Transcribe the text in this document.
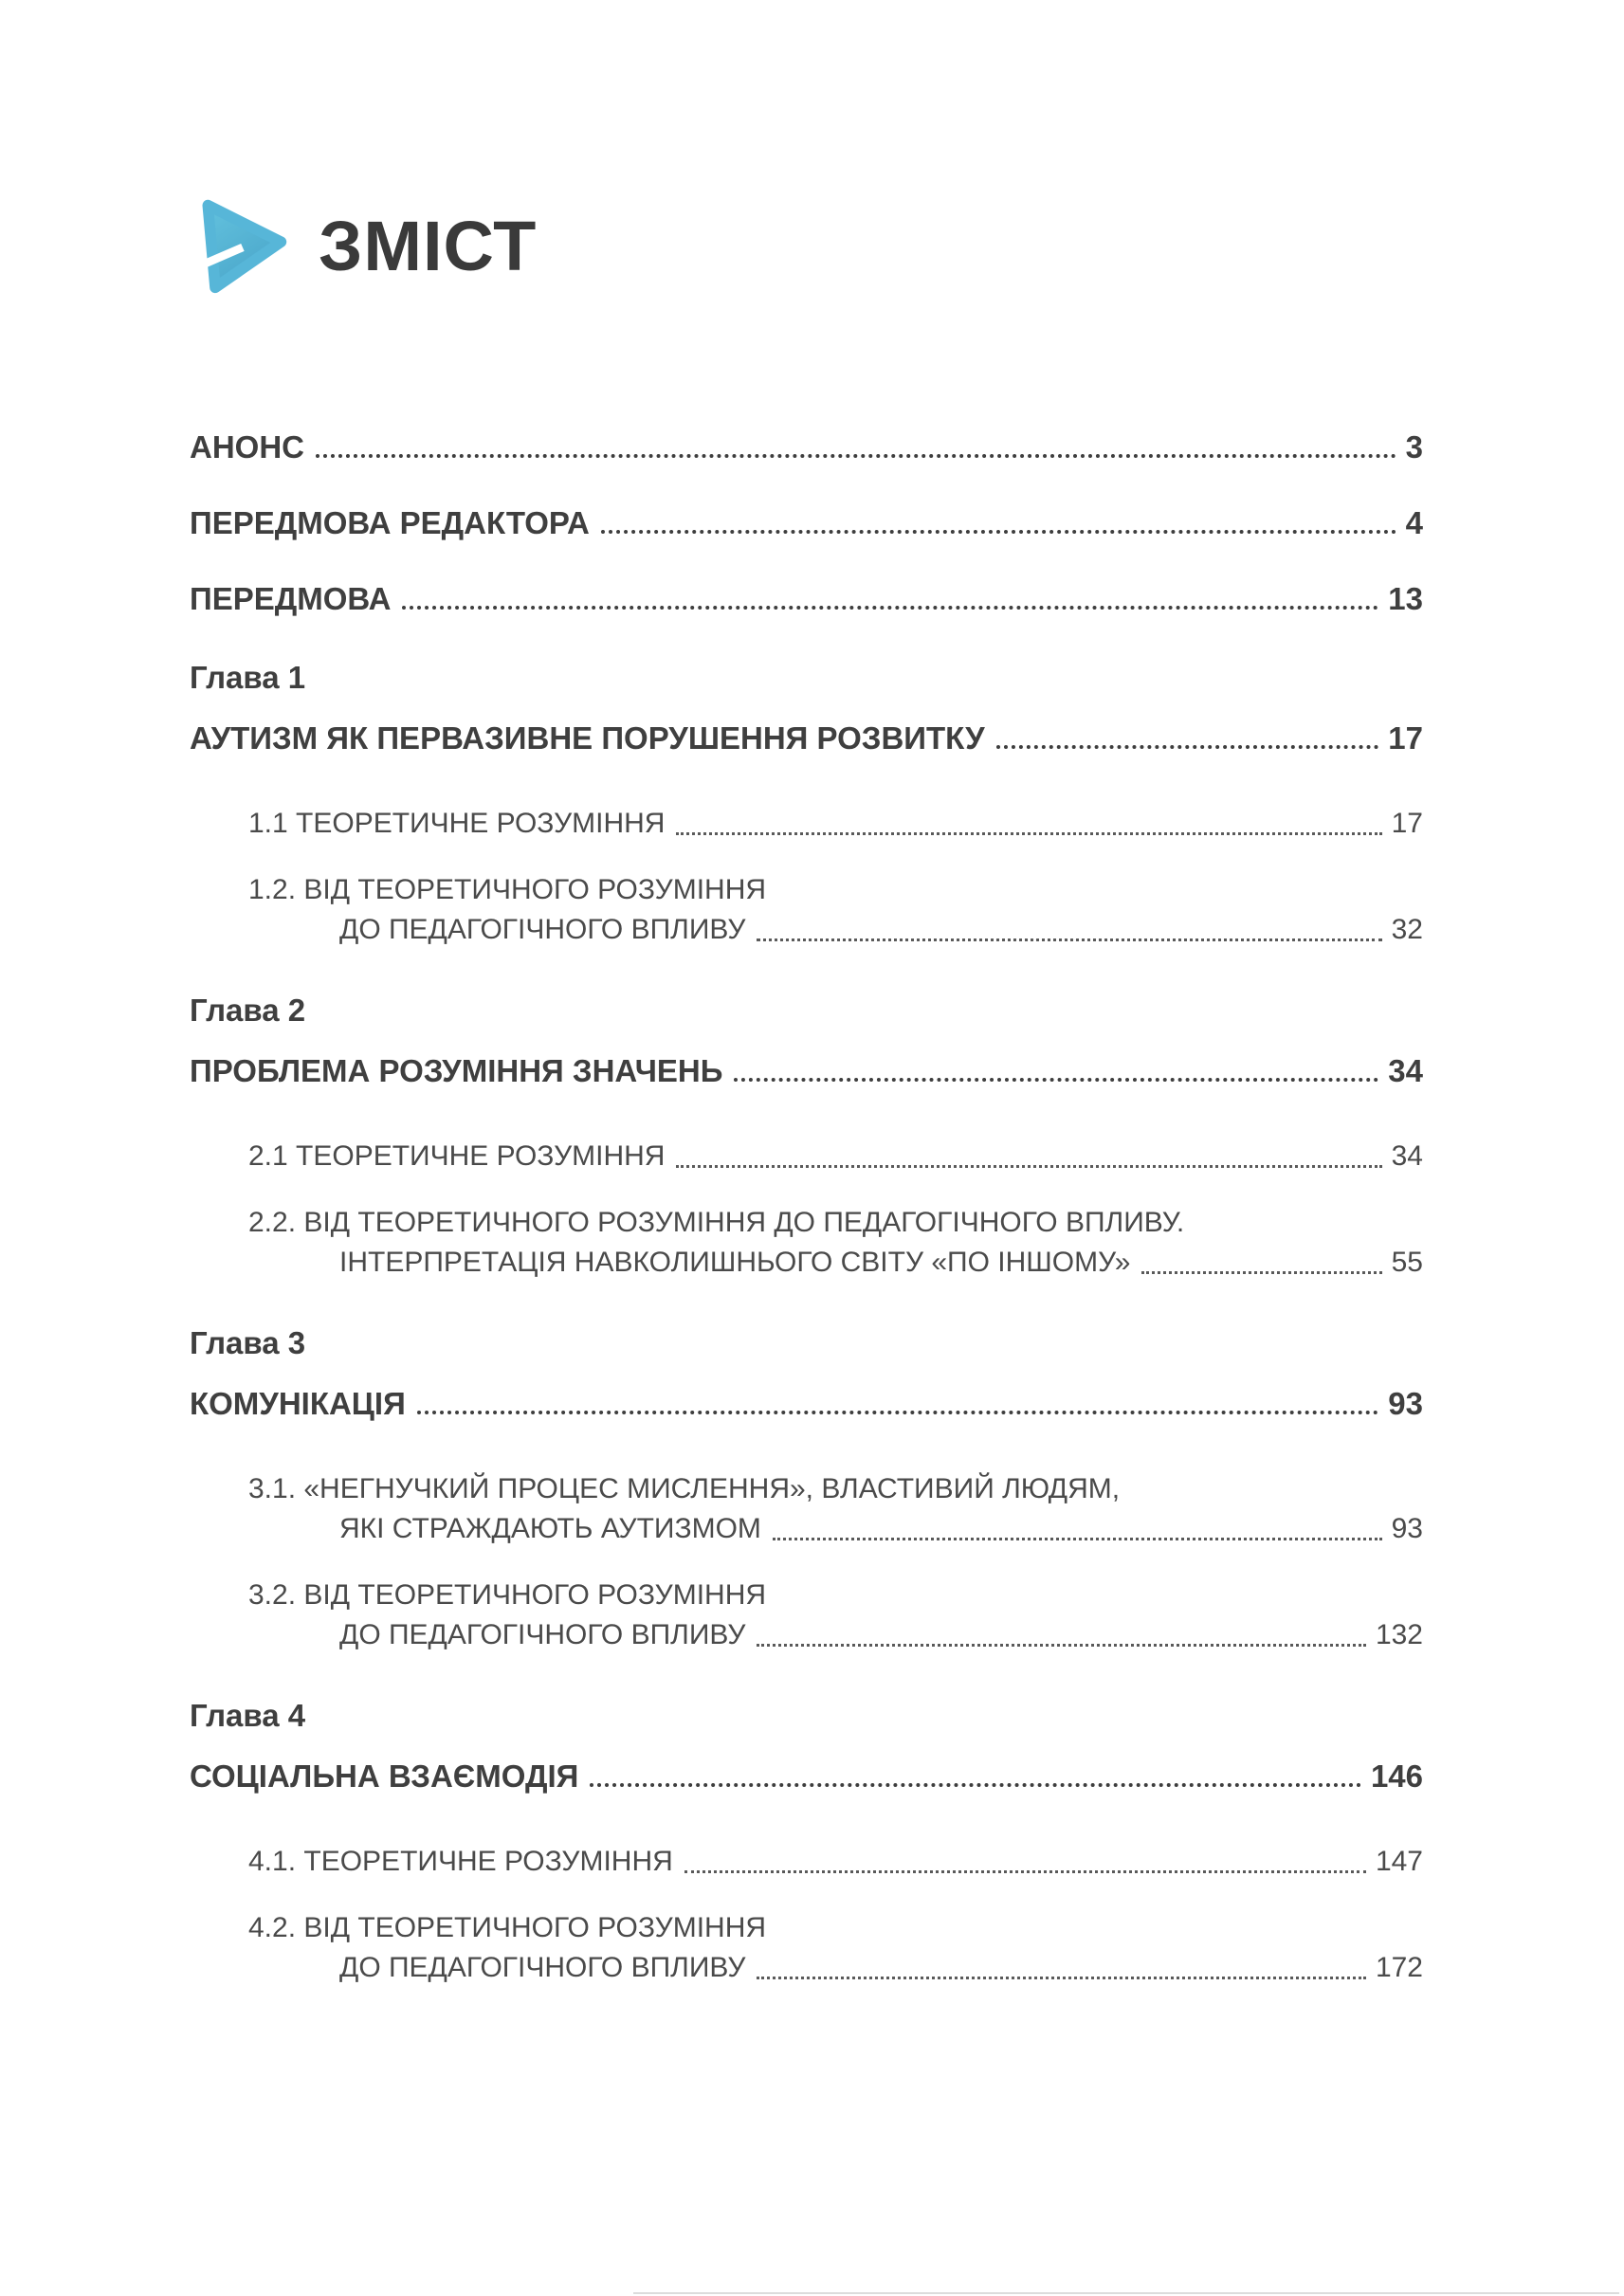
ЗМІСТ
АНОНС	3
ПЕРЕДМОВА РЕДАКТОРА	4
ПЕРЕДМОВА	13
Глава 1
АУТИЗМ ЯК ПЕРВАЗИВНЕ ПОРУШЕННЯ РОЗВИТКУ	17
1.1 ТЕОРЕТИЧНЕ РОЗУМІННЯ	17
1.2. ВІД ТЕОРЕТИЧНОГО РОЗУМІННЯ
ДО ПЕДАГОГІЧНОГО ВПЛИВУ	32
Глава 2
ПРОБЛЕМА РОЗУМІННЯ ЗНАЧЕНЬ	34
2.1 ТЕОРЕТИЧНЕ РОЗУМІННЯ	34
2.2. ВІД ТЕОРЕТИЧНОГО РОЗУМІННЯ ДО ПЕДАГОГІЧНОГО ВПЛИВУ.
ІНТЕРПРЕТАЦІЯ НАВКОЛИШНЬОГО СВІТУ «ПО ІНШОМУ»	55
Глава 3
КОМУНІКАЦІЯ	93
3.1. «НЕГНУЧКИЙ ПРОЦЕС МИСЛЕННЯ», ВЛАСТИВИЙ ЛЮДЯМ,
ЯКІ СТРАЖДАЮТЬ АУТИЗМОМ	93
3.2. ВІД ТЕОРЕТИЧНОГО РОЗУМІННЯ
ДО ПЕДАГОГІЧНОГО ВПЛИВУ	132
Глава 4
СОЦІАЛЬНА ВЗАЄМОДІЯ	146
4.1. ТЕОРЕТИЧНЕ РОЗУМІННЯ	147
4.2. ВІД ТЕОРЕТИЧНОГО РОЗУМІННЯ
ДО ПЕДАГОГІЧНОГО ВПЛИВУ	172
